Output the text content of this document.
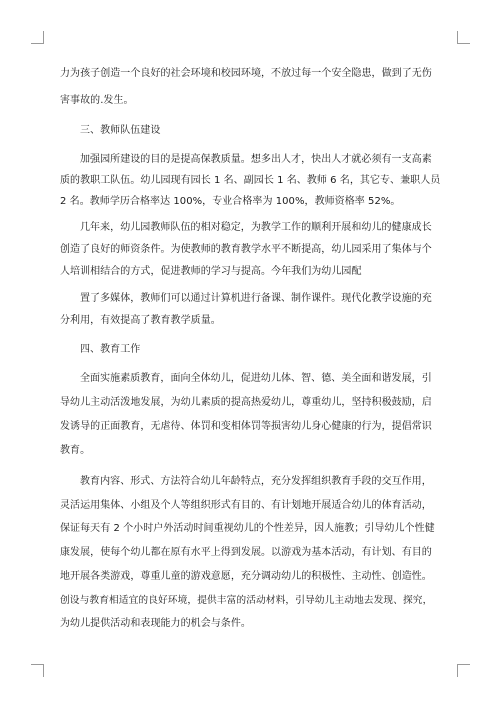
力为孩子创造一个良好的社会环境和校园环境，不放过每一个安全隐患，做到了无伤
害事故的.发生。
三、教师队伍建设
加强园所建设的目的是提高保教质量。想多出人才，快出人才就必须有一支高素
质的教职工队伍。幼儿园现有园长 1 名、副园长 1 名、教师 6 名，其它专、兼职人员
2 名。教师学历合格率达 100%，专业合格率为 100%，教师资格率 52%。
几年来，幼儿园教师队伍的相对稳定，为教学工作的顺利开展和幼儿的健康成长
创造了良好的师资条件。为使教师的教育教学水平不断提高，幼儿园采用了集体与个
人培训相结合的方式，促进教师的学习与提高。今年我们为幼儿园配
置了多媒体，教师们可以通过计算机进行备课、制作课件。现代化教学设施的充
分利用，有效提高了教育教学质量。
四、教育工作
全面实施素质教育，面向全体幼儿，促进幼儿体、智、德、美全面和谐发展，引
导幼儿主动活泼地发展，为幼儿素质的提高热爱幼儿，尊重幼儿，坚持积极鼓励，启
发诱导的正面教育，无虐待、体罚和变相体罚等损害幼儿身心健康的行为，提倡常识
教育。
教育内容、形式、方法符合幼儿年龄特点，充分发挥组织教育手段的交互作用，
灵活运用集体、小组及个人等组织形式有目的、有计划地开展适合幼儿的体育活动，
保证每天有 2 个小时户外活动时间重视幼儿的个性差异，因人施教；引导幼儿个性健
康发展，使每个幼儿都在原有水平上得到发展。以游戏为基本活动，有计划、有目的
地开展各类游戏，尊重儿童的游戏意愿，充分调动幼儿的积极性、主动性、创造性。
创设与教育相适宜的良好环境，提供丰富的活动材料，引导幼儿主动地去发现、探究，
为幼儿提供活动和表现能力的机会与条件。
